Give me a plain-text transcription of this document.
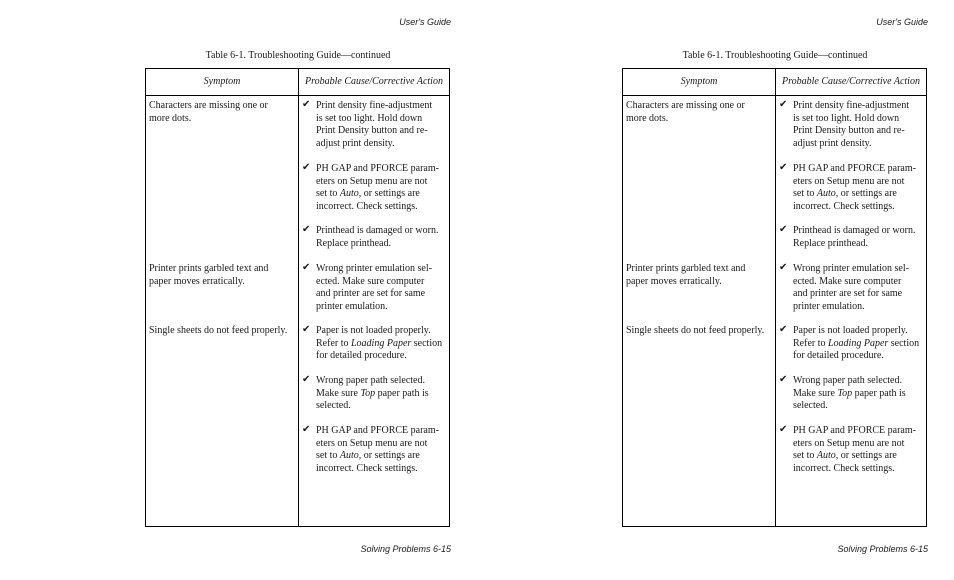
User's Guide
Table 6-1. Troubleshooting Guide—continued
Symptom	Probable Cause/Corrective Action
Characters are missing one or
more dots.
Printer prints garbled text and
paper moves erratically.
Single sheets do not feed properly.
✔ Print density fine-adjustment
is set too light. Hold down
Print Density button and re-
adjust print density.
✔ PH GAP and PFORCE param-
eters on Setup menu are not
set to Auto, or settings are
incorrect. Check settings.
✔ Printhead is damaged or worn.
Replace printhead.
✔ Wrong printer emulation sel-
ected. Make sure computer
and printer are set for same
printer emulation.
✔ Paper is not loaded properly.
Refer to Loading Paper section
for detailed procedure.
✔ Wrong paper path selected.
Make sure Top paper path is
selected.
✔ PH GAP and PFORCE param-
eters on Setup menu are not
set to Auto, or settings are
incorrect. Check settings.
Solving Problems 6-15
User's Guide
Table 6-1. Troubleshooting Guide—continued
Symptom	Probable Cause/Corrective Action
Characters are missing one or
more dots.
Printer prints garbled text and
paper moves erratically.
Single sheets do not feed properly.
✔ Print density fine-adjustment
is set too light. Hold down
Print Density button and re-
adjust print density.
✔ PH GAP and PFORCE param-
eters on Setup menu are not
set to Auto, or settings are
incorrect. Check settings.
✔ Printhead is damaged or worn.
Replace printhead.
✔ Wrong printer emulation sel-
ected. Make sure computer
and printer are set for same
printer emulation.
✔ Paper is not loaded properly.
Refer to Loading Paper section
for detailed procedure.
✔ Wrong paper path selected.
Make sure Top paper path is
selected.
✔ PH GAP and PFORCE param-
eters on Setup menu are not
set to Auto, or settings are
incorrect. Check settings.
Solving Problems 6-15
